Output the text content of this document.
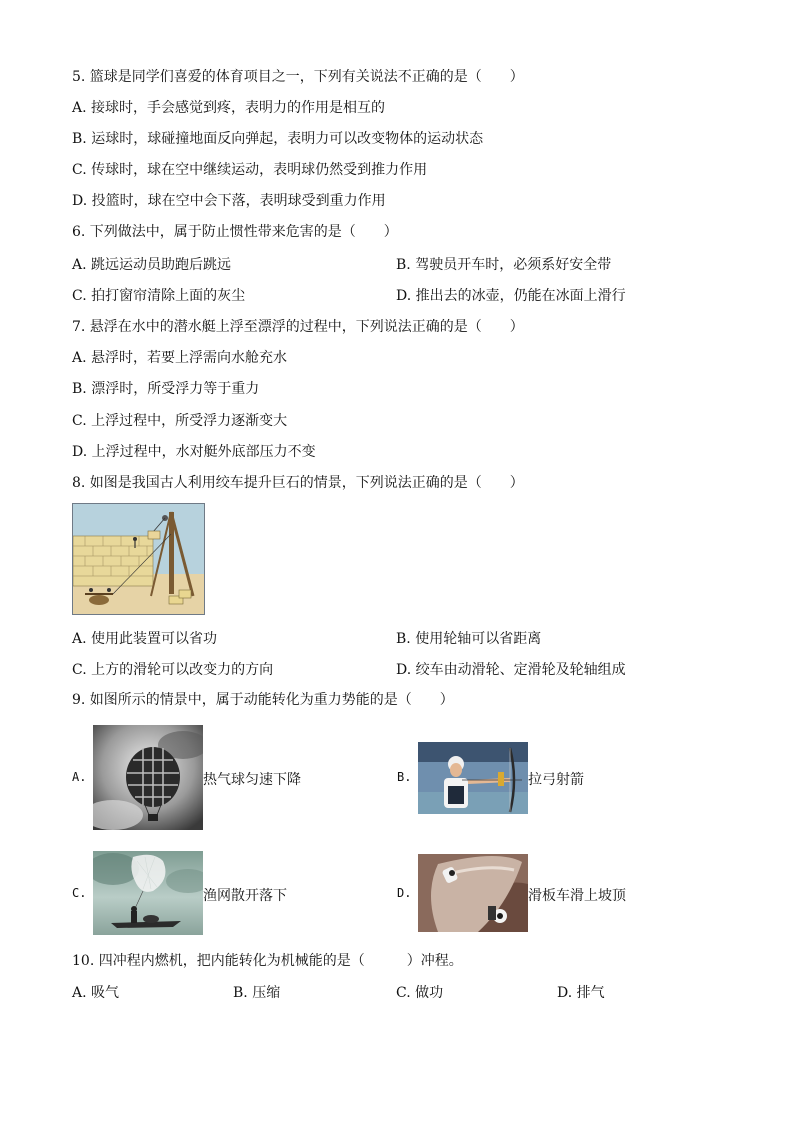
5. 篮球是同学们喜爱的体育项目之一，下列有关说法不正确的是（　　）
A. 接球时，手会感觉到疼，表明力的作用是相互的
B. 运球时，球碰撞地面反向弹起，表明力可以改变物体的运动状态
C. 传球时，球在空中继续运动，表明球仍然受到推力作用
D. 投篮时，球在空中会下落，表明球受到重力作用
6. 下列做法中，属于防止惯性带来危害的是（　　）
A. 跳远运动员助跑后跳远	B. 驾驶员开车时，必须系好安全带
C. 拍打窗帘清除上面的灰尘	D. 推出去的冰壶，仍能在冰面上滑行
7. 悬浮在水中的潜水艇上浮至漂浮的过程中，下列说法正确的是（　　）
A. 悬浮时，若要上浮需向水舱充水
B. 漂浮时，所受浮力等于重力
C. 上浮过程中，所受浮力逐渐变大
D. 上浮过程中，水对艇外底部压力不变
8. 如图是我国古人利用绞车提升巨石的情景，下列说法正确的是（　　）
A. 使用此装置可以省功	B. 使用轮轴可以省距离
C. 上方的滑轮可以改变力的方向	D. 绞车由动滑轮、定滑轮及轮轴组成
9. 如图所示的情景中，属于动能转化为重力势能的是（　　）
A.	热气球匀速下降	B.	拉弓射箭
C.	渔网散开落下	D.	滑板车滑上坡顶
10. 四冲程内燃机，把内能转化为机械能的是（　　　）冲程。
A. 吸气	B. 压缩	C. 做功	D. 排气
